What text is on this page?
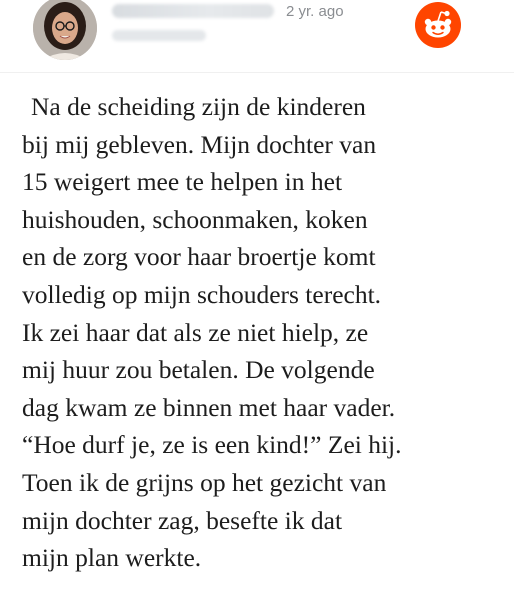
2 yr. ago

Na de scheiding zijn de kinderen
bij mij gebleven. Mijn dochter van
15 weigert mee te helpen in het
huishouden, schoonmaken, koken
en de zorg voor haar broertje komt
volledig op mijn schouders terecht.
Ik zei haar dat als ze niet hielp, ze
mij huur zou betalen. De volgende
dag kwam ze binnen met haar vader.
“Hoe durf je, ze is een kind!” Zei hij.
Toen ik de grijns op het gezicht van
mijn dochter zag, besefte ik dat
mijn plan werkte.
